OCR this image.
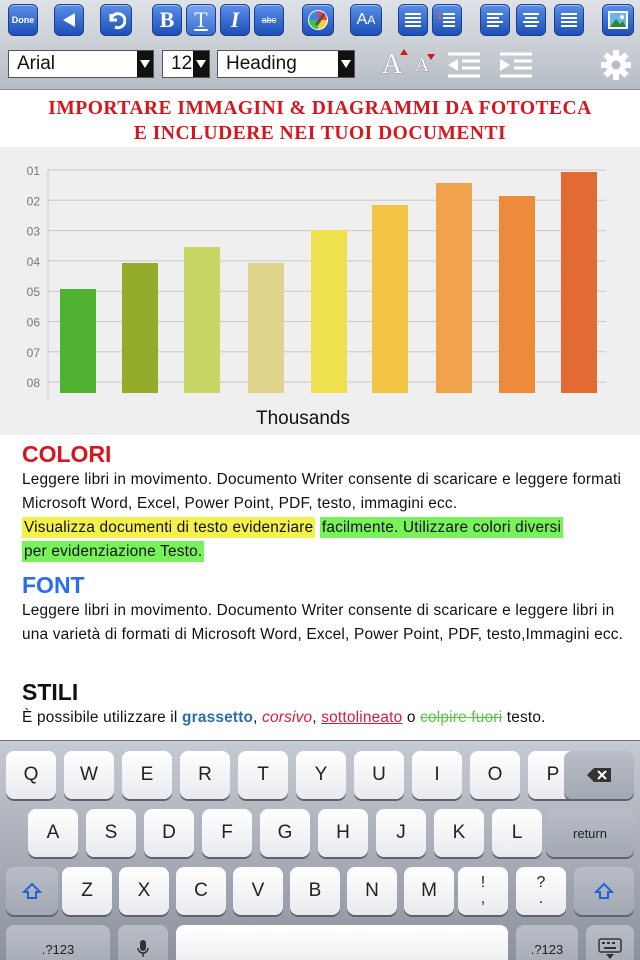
Done	B T I abc	AA
Arial	12 Heading	A A
IMPORTARE IMMAGINI & DIAGRAMMI DA FOTOTECA
E INCLUDERE NEI TUOI DOCUMENTI
01
02
03
04
05
06
07
08
Thousands
COLORI
Leggere libri in movimento. Documento Writer consente di scaricare e leggere formati Microsoft Word, Excel, Power Point, PDF, testo, immagini ecc.
Visualizza documenti di testo evidenziare facilmente. Utilizzare colori diversi
per evidenziazione Testo.
FONT
Leggere libri in movimento. Documento Writer consente di scaricare e leggere libri in una varietà di formati di Microsoft Word, Excel, Power Point, PDF, testo,Immagini ecc.
STILI
È possibile utilizzare il grassetto, corsivo, sottolineato o colpire fuori testo.
Q	W	E	R	T	Y	U	I	O	P
A	S	D	F	G	H	J	K	L
Z	X	C	V	B	N	M
return
!
,
?
.
.?123	.?123
